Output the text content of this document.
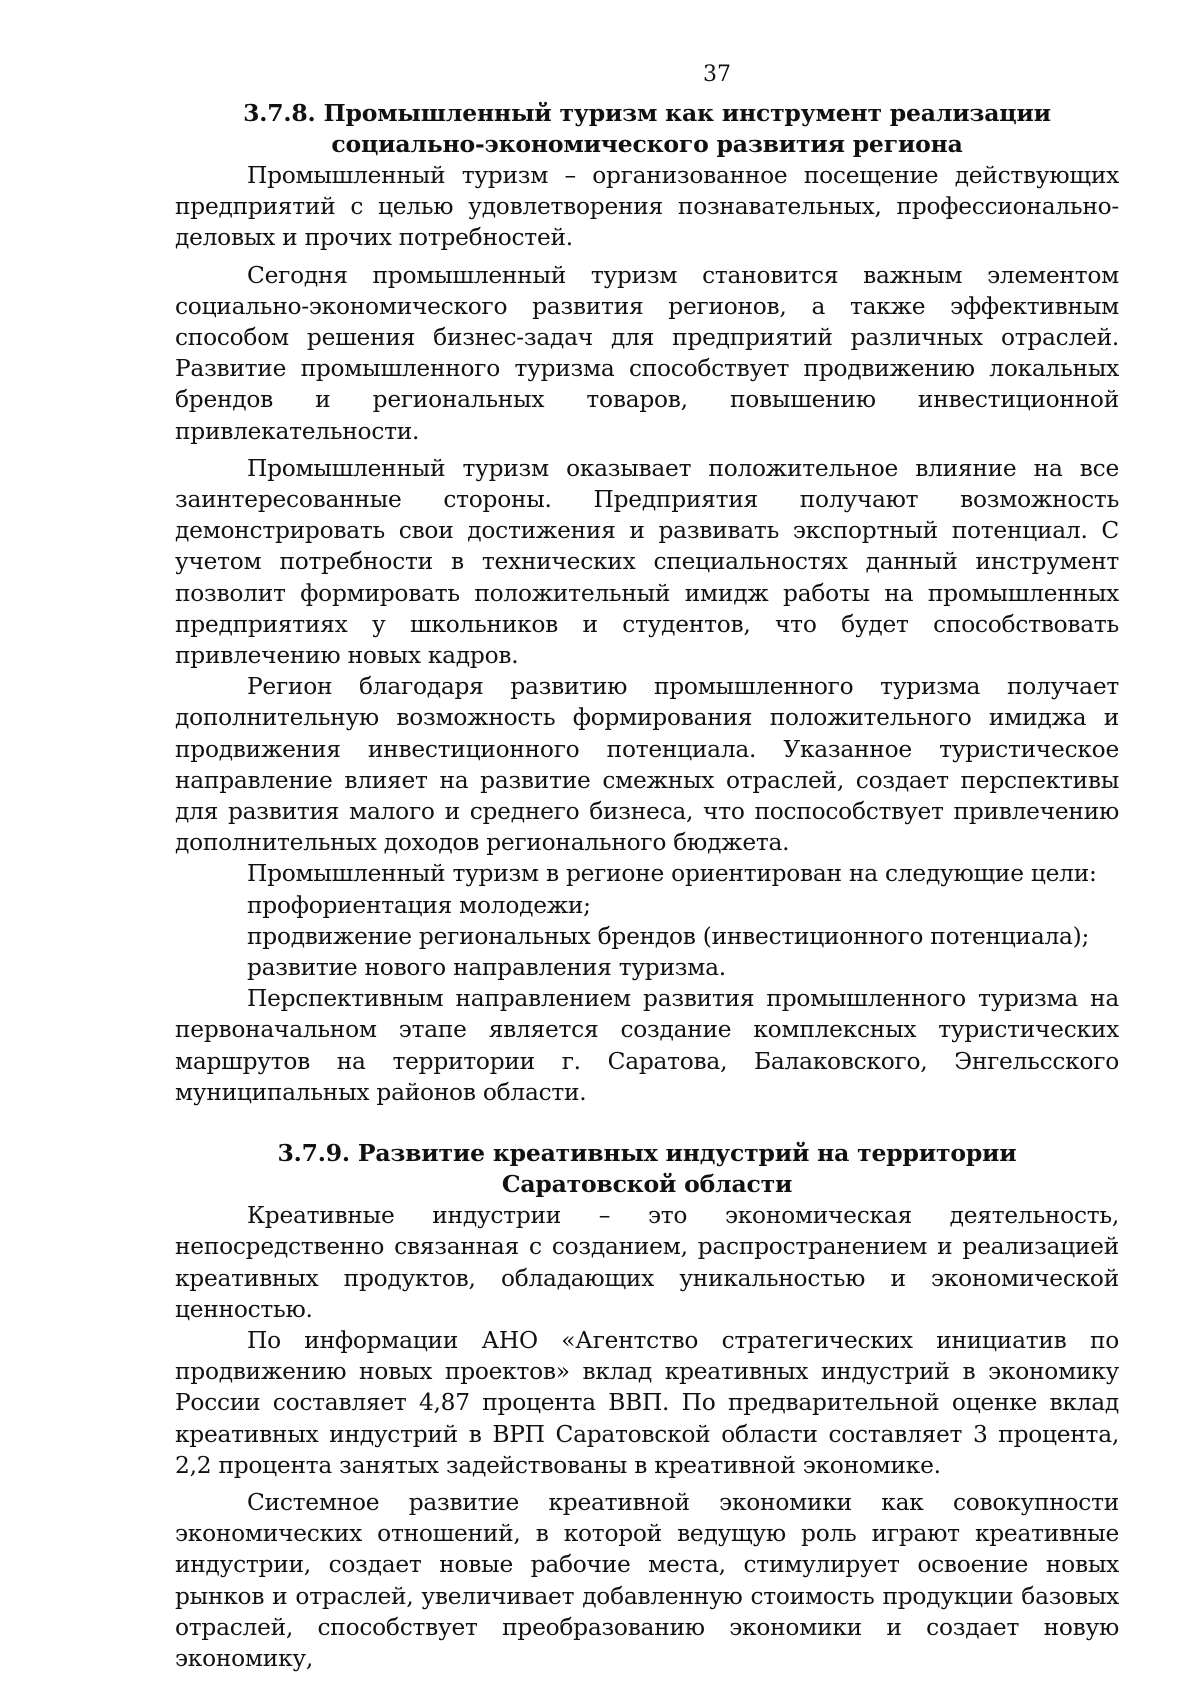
37
3.7.8. Промышленный туризм как инструмент реализации
социально-экономического развития региона

Промышленный туризм – организованное посещение действующих предприятий с целью удовлетворения познавательных, профессионально-деловых и прочих потребностей.

Сегодня промышленный туризм становится важным элементом социально-экономического развития регионов, а также эффективным способом решения бизнес-задач для предприятий различных отраслей. Развитие промышленного туризма способствует продвижению локальных брендов и региональных товаров, повышению инвестиционной привлекательности.

Промышленный туризм оказывает положительное влияние на все заинтересованные стороны. Предприятия получают возможность демонстрировать свои достижения и развивать экспортный потенциал. С учетом потребности в технических специальностях данный инструмент позволит формировать положительный имидж работы на промышленных предприятиях у школьников и студентов, что будет способствовать привлечению новых кадров.

Регион благодаря развитию промышленного туризма получает дополнительную возможность формирования положительного имиджа и продвижения инвестиционного потенциала. Указанное туристическое направление влияет на развитие смежных отраслей, создает перспективы для развития малого и среднего бизнеса, что поспособствует привлечению дополнительных доходов регионального бюджета.

Промышленный туризм в регионе ориентирован на следующие цели:

профориентация молодежи;

продвижение региональных брендов (инвестиционного потенциала);

развитие нового направления туризма.

Перспективным направлением развития промышленного туризма на первоначальном этапе является создание комплексных туристических маршрутов на территории г. Саратова, Балаковского, Энгельсского муниципальных районов области.

3.7.9. Развитие креативных индустрий на территории
Саратовской области

Креативные индустрии – это экономическая деятельность, непосредственно связанная с созданием, распространением и реализацией креативных продуктов, обладающих уникальностью и экономической ценностью.

По информации АНО «Агентство стратегических инициатив по продвижению новых проектов» вклад креативных индустрий в экономику России составляет 4,87 процента ВВП. По предварительной оценке вклад креативных индустрий в ВРП Саратовской области составляет 3 процента, 2,2 процента занятых задействованы в креативной экономике.

Системное развитие креативной экономики как совокупности экономических отношений, в которой ведущую роль играют креативные индустрии, создает новые рабочие места, стимулирует освоение новых рынков и отраслей, увеличивает добавленную стоимость продукции базовых отраслей, способствует преобразованию экономики и создает новую экономику,
